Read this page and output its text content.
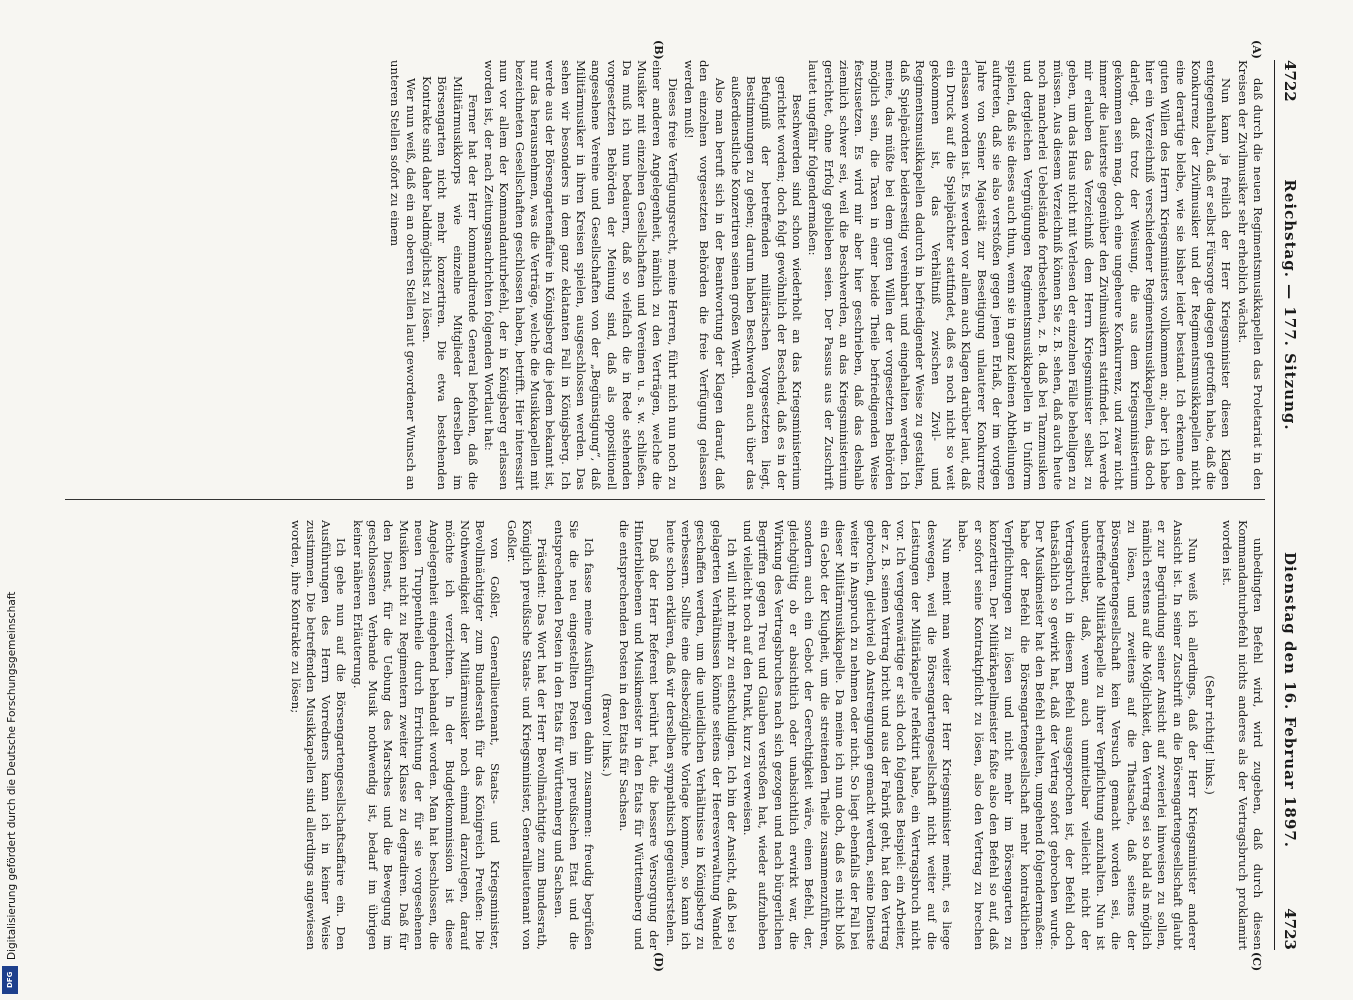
Digitalisierung gefördert durch die Deutsche Forschungsgemeinschaft
DFG
4722
Reichstag. — 177. Sitzung.
Dienstag den 16. Februar 1897.
4723
(A)
(B)
(C)
(D)

daß durch die neuen Regimentsmusikkapellen das Proletariat in den Kreisen der Zivilmusiker sehr erheblich wächst.

Nun kann ja freilich der Herr Kriegsminister diesen Klagen entgegenhalten, daß er selbst Fürsorge dagegen getroffen habe, daß die Konkurrenz der Zivilmusiker und der Regimentsmusikkapellen nicht eine derartige bleibe, wie sie bisher leider bestand. Ich erkenne den guten Willen des Herrn Kriegsministers vollkommen an; aber ich habe hier ein Verzeichniß verschiedener Regimentsmusikkapellen, das doch darlegt, daß trotz der Weisung, die aus dem Kriegsministerium gekommen sein mag, doch eine ungeheure Konkurrenz, und zwar nicht immer die lauterste gegenüber den Zivilmusikern stattfindet. Ich werde mir erlauben das Verzeichniß dem Herrn Kriegsminister selbst zu geben, um das Haus nicht mit Verlesen der einzelnen Fälle behelligen zu müssen. Aus diesem Verzeichniß können Sie z. B. sehen, daß auch heute noch mancherlei Uebelstände fortbestehen, z. B. daß bei Tanzmusiken und dergleichen Vergnügungen Regimentsmusikkapellen in Uniform spielen, daß sie dieses auch thun, wenn sie in ganz kleinen Abtheilungen auftreten, daß sie also verstoßen gegen jenen Erlaß, der im vorigen Jahre von Seiner Majestät zur Beseitigung unlauterer Konkurrenz erlassen worden ist. Es werden vor allem auch Klagen darüber laut, daß ein Druck auf die Spielpächter stattfindet, daß es noch nicht so weit gekommen ist, das Verhältniß zwischen Zivil- und Regimentsmusikkapellen dadurch in befriedigender Weise zu gestalten, daß Spielpächter beiderseitig vereinbart und eingehalten werden. Ich meine, das müßte bei dem guten Willen der vorgesetzten Behörden möglich sein, die Taxen in einer beide Theile befriedigenden Weise festzusetzen. Es wird mir aber hier geschrieben, daß das deshalb ziemlich schwer sei, weil die Beschwerden, an das Kriegsministerium gerichtet, ohne Erfolg geblieben seien. Der Passus aus der Zuschrift lautet ungefähr folgendermaßen:

Beschwerden sind schon wiederholt an das Kriegsministerium gerichtet worden; doch folgt gewöhnlich der Bescheid, daß es in der Befugniß der betreffenden militärischen Vorgesetzten liegt, Bestimmungen zu geben; darum haben Beschwerden auch über das außerdienstliche Konzertiren seinen großen Werth.

Also man beruft sich in der Beantwortung der Klagen darauf, daß den einzelnen vorgesetzten Behörden die freie Verfügung gelassen werden muß!

Dieses freie Verfügungsrecht, meine Herren, führt mich nun noch zu einer anderen Angelegenheit, nämlich zu den Verträgen, welche die Musiker mit einzelnen Gesellschaften und Vereinen u. s. w. schließen. Da muß ich nun bedauern, daß so vielfach die in Rede stehenden vorgesetzten Behörden der Meinung sind, daß als oppositionell angesehene Vereine und Gesellschaften von der „Begünstigung“, daß Militärmusiker in ihren Kreisen spielen, ausgeschlossen werden. Das sehen wir besonders in dem ganz eklatanten Fall in Königsberg. Ich werde aus der Börsengartenaffaire in Königsberg die jedem bekannt ist, nur das herausnehmen, was die Verträge, welche die Musikkapellen mit bezeichneten Gesellschaften geschlossen haben, betrifft. Hier interessirt nun vor allem der Kommandanturbefehl, der in Königsberg erlassen worden ist, der nach Zeitungsnachrichten folgenden Wortlaut hat:

Ferner hat der Herr kommandirende General befohlen, daß die Militärmusikkorps wie einzelne Mitglieder derselben im Börsengarten nicht mehr konzertiren. Die etwa bestehenden Kontrakte sind daher baldmöglichst zu lösen.

Wer nun weiß, daß ein an oberen Stellen laut gewordener Wunsch an unteren Stellen sofort zu einem

unbedingten Befehl wird, wird zugeben, daß durch diesen Kommandanturbefehl nichts anderes als der Vertragsbruch proklamirt worden ist.

(Sehr richtig! links.)

Nun weiß ich allerdings, daß der Herr Kriegsminister anderer Ansicht ist. In seiner Zuschrift an die Börsengartengesellschaft glaubt er zur Begründung seiner Ansicht auf zweierlei hinweisen zu sollen, nämlich erstens auf die Möglichkeit, den Vertrag sei so bald als möglich zu lösen, und zweitens auf die Thatsache, daß seitens der Börsengartengesellschaft kein Versuch gemacht worden sei, die betreffende Militärkapelle zu ihrer Verpflichtung anzuhalten. Nun ist unbestreitbar, daß, wenn auch unmittelbar vielleicht nicht der Vertragsbruch in diesem Befehl ausgesprochen ist, der Befehl doch thatsächlich so gewirkt hat, daß der Vertrag sofort gebrochen wurde. Der Musikmeister hat den Befehl erhalten, umgehend folgendermaßen: habe der Befehl die Börsengartengesellschaft mehr kontraktlichen Verpflichtungen zu lösen und nicht mehr im Börsengarten zu konzertiren. Der Militärkapellmeister faßte also den Befehl so auf, daß er sofort seine Kontraktpflicht zu lösen, also den Vertrag zu brechen habe.

Nun meint man weiter der Herr Kriegsminister meint, es liege deswegen, weil die Börsengartengesellschaft nicht weiter auf die Leistungen der Militärkapelle reflektirt habe, ein Vertragsbruch nicht vor. Ich vergegenwärtige er sich doch folgendes Beispiel: ein Arbeiter, der z. B. seinen Vertrag bricht und aus der Fabrik geht, hat den Vertrag gebrochen, gleichviel ob Anstrengungen gemacht werden, seine Dienste weiter in Anspruch zu nehmen oder nicht. So liegt ebenfalls der Fall bei dieser Militärmusikkapelle. Da meine ich nun doch, daß es nicht bloß ein Gebot der Klugheit, um die streitenden Theile zusammenzuführen, sondern auch ein Gebot der Gerechtigkeit wäre, einen Befehl, der, gleichgültig ob er absichtlich oder unabsichtlich erwirkt war, die Wirkung des Vertragsbruches nach sich gezogen und nach bürgerlichen Begriffen gegen Treu und Glauben verstoßen hat, wieder aufzuheben und vielleicht noch auf den Punkt, kurz zu verweisen.

Ich will nicht mehr zu entschuldigen. Ich bin der Ansicht, daß bei so gelagerten Verhältnissen könnte seitens der Heeresverwaltung Wandel geschaffen werden, um die unleidlichen Verhältnisse in Königsberg zu verbessern. Sollte eine diesbezügliche Vorlage kommen, so kann ich heute schon erklären, daß wir derselben sympathisch gegenüberstehen.

Daß der Herr Referent berührt hat, die bessere Versorgung der Hinterbliebenen und Musikmeister in den Etats für Württemberg und die entsprechenden Posten in den Etats für Sachsen.

(Bravo! links.)

Ich fasse meine Ausführungen dahin zusammen: freudig begrüßen Sie die neu eingestellten Posten im preußischen Etat und die entsprechenden Posten in den Etats für Württemberg und Sachsen.

Präsident: Das Wort hat der Herr Bevollmächtigte zum Bundesrath, Königlich preußische Staats- und Kriegsminister, Generallieutenant von Goßler.

von Goßler, Generallieutenant, Staats- und Kriegsminister, Bevollmächtigter zum Bundesrath für das Königreich Preußen: Die Nothwendigkeit der Militärmusiker noch einmal darzulegen, darauf möchte ich verzichten. In der Budgetkommission ist diese Angelegenheit eingehend behandelt worden. Man hat beschlossen, die neuen Truppentheile durch Errichtung der für sie vorgesehenen Musiken nicht zu Regimentern zweiter Klasse zu degradiren. Daß für den Dienst, für die Uebung des Marsches und die Bewegung im geschlossenen Verbande Musik nothwendig ist, bedarf im übrigen keiner näheren Erläuterung.

Ich gehe nun auf die Börsengartengesellschaftsaffaire ein. Den Ausführungen des Herrn Vorredners kann ich in keiner Weise zustimmen. Die betreffenden Musikkapellen sind allerdings angewiesen worden, ihre Kontrakte zu lösen;
